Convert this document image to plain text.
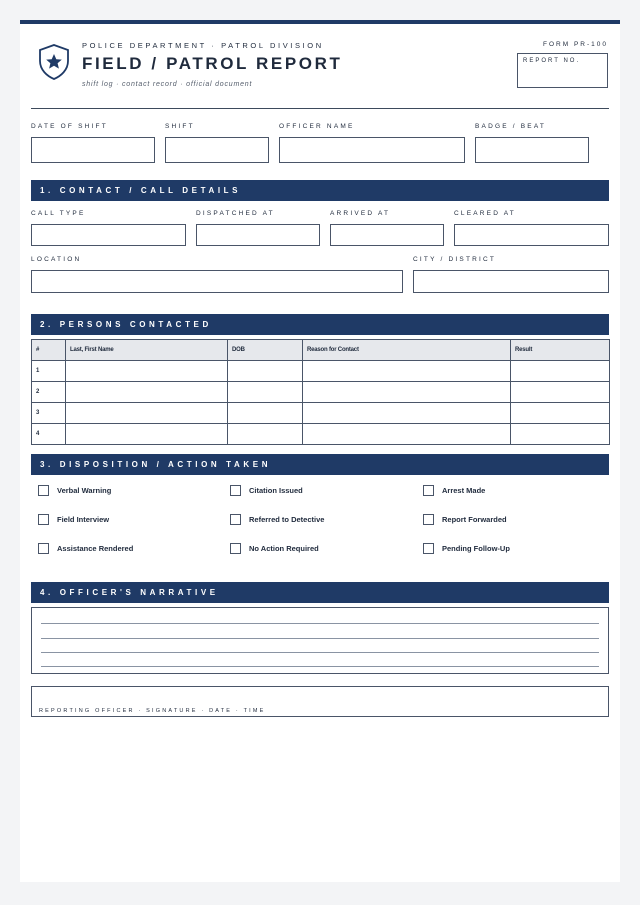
POLICE DEPARTMENT · PATROL DIVISION
FIELD / PATROL REPORT
shift log · contact record · official document
FORM PR-100
REPORT NO.
DATE OF SHIFT	SHIFT	OFFICER NAME	BADGE / BEAT
1. CONTACT / CALL DETAILS
CALL TYPE	DISPATCHED AT	ARRIVED AT	CLEARED AT
LOCATION	CITY / DISTRICT
2. PERSONS CONTACTED
#	Last, First Name	DOB	Reason for Contact	Result
1				
2				
3				
4				
3. DISPOSITION / ACTION TAKEN
Verbal Warning	Citation Issued	Arrest Made
Field Interview	Referred to Detective	Report Forwarded
Assistance Rendered	No Action Required	Pending Follow-Up
4. OFFICER'S NARRATIVE
REPORTING OFFICER · SIGNATURE · DATE · TIME
